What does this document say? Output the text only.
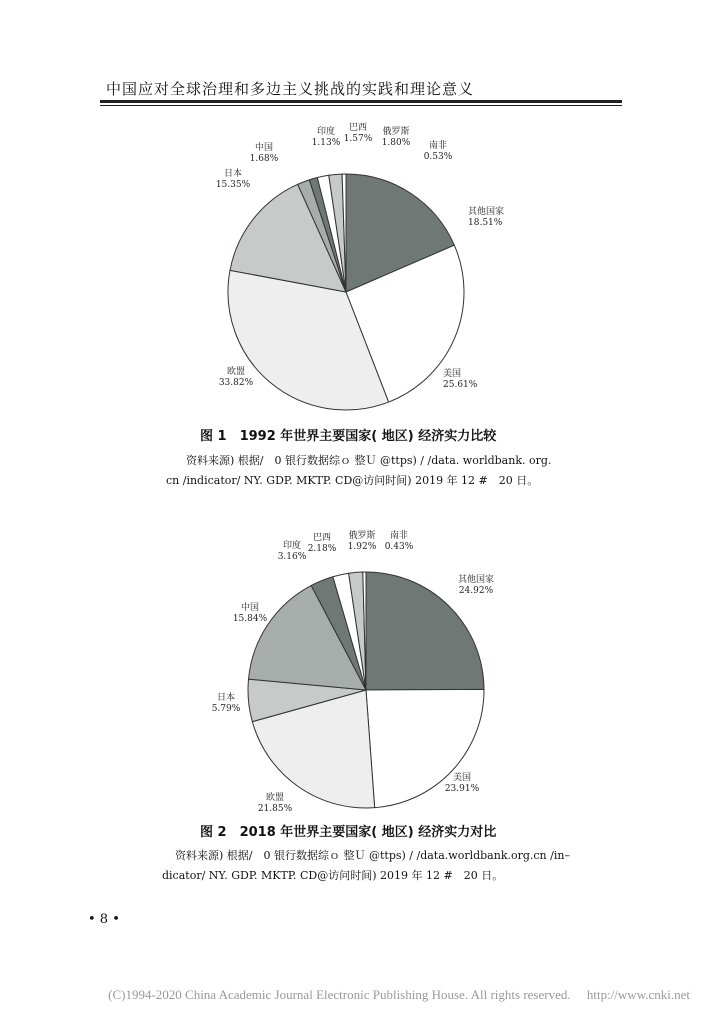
中国应对全球治理和多边主义挑战的实践和理论意义
其他国家
18.51%
美国
25.61%
欧盟
33.82%
日本
15.35%
中国
1.68%
印度
1.13%
巴西
1.57%
俄罗斯
1.80% 南非
0.53%
图 1　1992 年世界主要国家( 地区) 经济实力比较
资料来源) 根据/　0 银行数据综ｏ 整Ｕ @ttps) / /data. worldbank. org.
cn /indicator/ NY. GDP. MKTP. CD@访问时间) 2019 年 12 #　20 日。
其他国家
24.92%
美国
23.91%
欧盟
21.85%
日本
5.79%
中国
15.84%
印度
3.16%
巴西
2.18%
俄罗斯
1.92%
南非
0.43%
图 2　2018 年世界主要国家( 地区) 经济实力对比
资料来源) 根据/　0 银行数据综ｏ 整Ｕ @ttps) / /data.worldbank.org.cn /in–
dicator/ NY. GDP. MKTP. CD@访问时间) 2019 年 12 #　20 日。
• 8 •
(C)1994-2020 China Academic Journal Electronic Publishing House. All rights reserved.　 http://www.cnki.net
